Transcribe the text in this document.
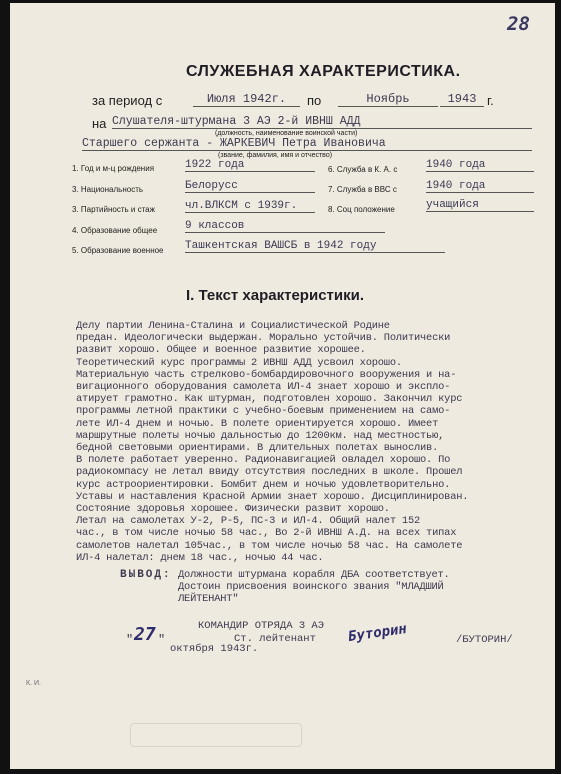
28
СЛУЖЕБНАЯ ХАРАКТЕРИСТИКА.
за период с	Июля 1942г.	по	Ноябрь	1943 г.
на Слушателя-штурмана 3 АЭ 2-й ИВНШ АДД
(должность, наименование воинской части)
Старшего сержанта - ЖАРКЕВИЧ Петра Ивановича
(звание, фамилия, имя и отчество)
1. Год и м-ц рождения	1922 года
3. Национальность	Белорусс
3. Партийность и стаж	чл.ВЛКСМ с 1939г.
4. Образование общее	9 классов
5. Образование военное Ташкентская ВАШСБ в 1942 году
6. Служба в К. А. с	1940 года
7. Служба в ВВС с	1940 года
8. Соц положение	учащийся
I. Текст характеристики.
Делу партии Ленина-Сталина и Социалистической Родине
предан. Идеологически выдержан. Морально устойчив. Политически
развит хорошо. Общее и военное развитие хорошее.
Теоретический курс программы 2 ИВНШ АДД усвоил хорошо.
Материальную часть стрелково-бомбардировочного вооружения и на-
вигационного оборудования самолета ИЛ-4 знает хорошо и экспло-
атирует грамотно. Как штурман, подготовлен хорошо. Закончил курс
программы летной практики с учебно-боевым применением на само-
лете ИЛ-4 днем и ночью. В полете ориентируется хорошо. Имеет
маршрутные полеты ночью дальностью до 1200км. над местностью,
бедной световыми ориентирами. В длительных полетах вынослив.
В полете работает уверенно. Радионавигацией овладел хорошо. По
радиокомпасу не летал ввиду отсутствия последних в школе. Прошел
курс астроориентировки. Бомбит днем и ночью удовлетворительно.
Уставы и наставления Красной Армии знает хорошо. Дисциплинирован.
Состояние здоровья хорошее. Физически развит хорошо.
Летал на самолетах У-2, Р-5, ПС-3 и ИЛ-4. Общий налет 152
час., в том числе ночью 58 час., Во 2-й ИВНШ А.Д. на всех типах
самолетов налетал 105час., в том числе ночью 58 час. На самолете
ИЛ-4 налетал: днем 18 час., ночью 44 час.
ВЫВОД: Должности штурмана корабля ДБА соответствует.
Достоин присвоения воинского звания "МЛАДШИЙ
ЛЕЙТЕНАНТ"
КОМАНДИР ОТРЯДА 3 АЭ
Ст. лейтенант Буторин	/БУТОРИН/
" 27 "
октября 1943г.
К. И.
